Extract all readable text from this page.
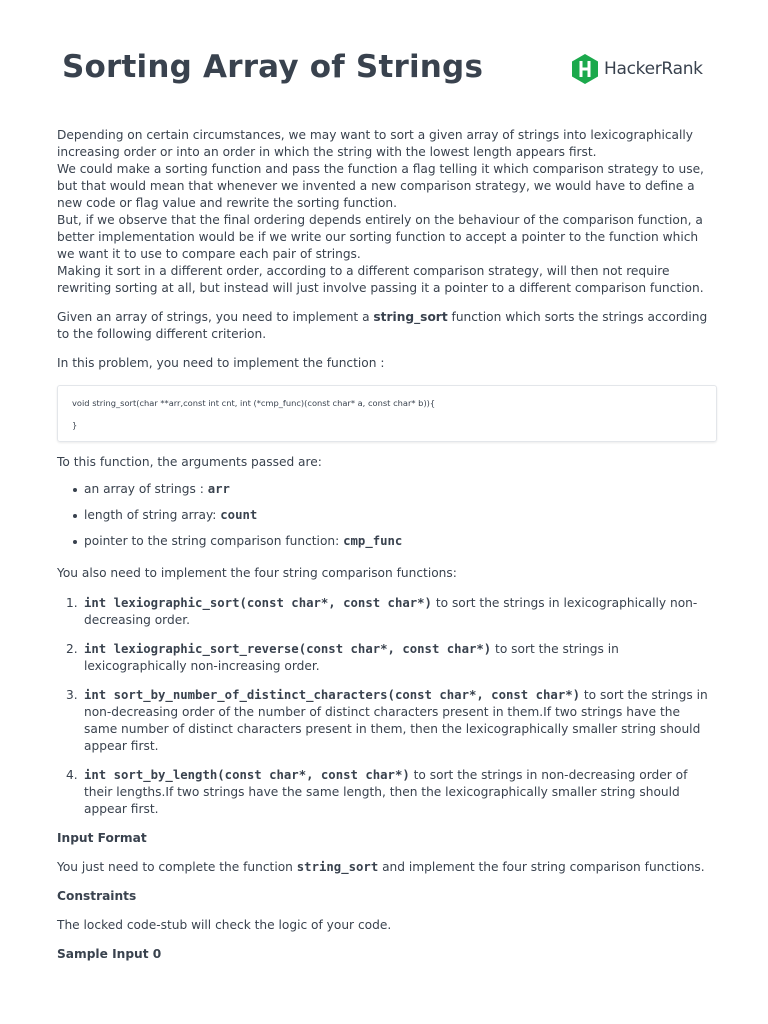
Sorting Array of Strings	HackerRank

Depending on certain circumstances, we may want to sort a given array of strings into lexicographically increasing order or into an order in which the string with the lowest length appears first.

We could make a sorting function and pass the function a flag telling it which comparison strategy to use, but that would mean that whenever we invented a new comparison strategy, we would have to define a new code or flag value and rewrite the sorting function.

But, if we observe that the final ordering depends entirely on the behaviour of the comparison function, a better implementation would be if we write our sorting function to accept a pointer to the function which we want it to use to compare each pair of strings.

Making it sort in a different order, according to a different comparison strategy, will then not require rewriting sorting at all, but instead will just involve passing it a pointer to a different comparison function.

Given an array of strings, you need to implement a string_sort function which sorts the strings according to the following different criterion.

In this problem, you need to implement the function :

void string_sort(char **arr,const int cnt, int (*cmp_func)(const char* a, const char* b)){
}

To this function, the arguments passed are:

an array of strings : arr
length of string array: count
pointer to the string comparison function: cmp_func

You also need to implement the four string comparison functions:

1. int lexiographic_sort(const char*, const char*) to sort the strings in lexicographically non-decreasing order.
2. int lexiographic_sort_reverse(const char*, const char*) to sort the strings in lexicographically non-increasing order.
3. int sort_by_number_of_distinct_characters(const char*, const char*) to sort the strings in non-decreasing order of the number of distinct characters present in them.If two strings have the same number of distinct characters present in them, then the lexicographically smaller string should appear first.
4. int sort_by_length(const char*, const char*) to sort the strings in non-decreasing order of their lengths.If two strings have the same length, then the lexicographically smaller string should appear first.

Input Format

You just need to complete the function string_sort and implement the four string comparison functions.

Constraints

The locked code-stub will check the logic of your code.

Sample Input 0
